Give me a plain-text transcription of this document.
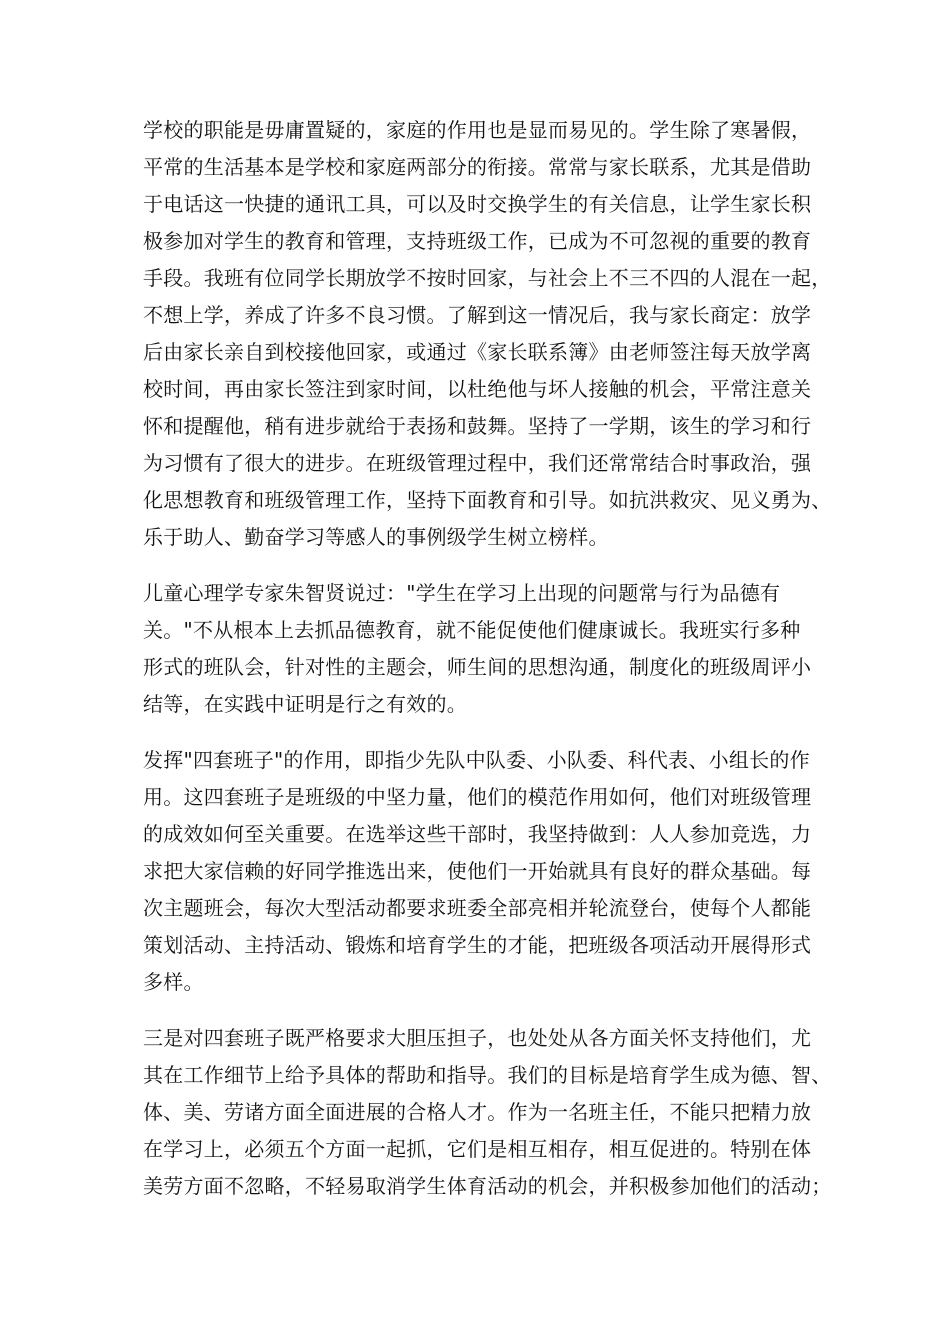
学校的职能是毋庸置疑的，家庭的作用也是显而易见的。学生除了寒暑假，
平常的生活基本是学校和家庭两部分的衔接。常常与家长联系，尤其是借助
于电话这一快捷的通讯工具，可以及时交换学生的有关信息，让学生家长积
极参加对学生的教育和管理，支持班级工作，已成为不可忽视的重要的教育
手段。我班有位同学长期放学不按时回家，与社会上不三不四的人混在一起，
不想上学，养成了许多不良习惯。了解到这一情况后，我与家长商定：放学
后由家长亲自到校接他回家，或通过《家长联系簿》由老师签注每天放学离
校时间，再由家长签注到家时间，以杜绝他与坏人接触的机会，平常注意关
怀和提醒他，稍有进步就给于表扬和鼓舞。坚持了一学期，该生的学习和行
为习惯有了很大的进步。在班级管理过程中，我们还常常结合时事政治，强
化思想教育和班级管理工作，坚持下面教育和引导。如抗洪救灾、见义勇为、
乐于助人、勤奋学习等感人的事例级学生树立榜样。
儿童心理学专家朱智贤说过："学生在学习上出现的问题常与行为品德有
关。"不从根本上去抓品德教育，就不能促使他们健康诚长。我班实行多种
形式的班队会，针对性的主题会，师生间的思想沟通，制度化的班级周评小
结等，在实践中证明是行之有效的。
发挥"四套班子"的作用，即指少先队中队委、小队委、科代表、小组长的作
用。这四套班子是班级的中坚力量，他们的模范作用如何，他们对班级管理
的成效如何至关重要。在选举这些干部时，我坚持做到：人人参加竞选，力
求把大家信赖的好同学推选出来，使他们一开始就具有良好的群众基础。每
次主题班会，每次大型活动都要求班委全部亮相并轮流登台，使每个人都能
策划活动、主持活动、锻炼和培育学生的才能，把班级各项活动开展得形式
多样。
三是对四套班子既严格要求大胆压担子，也处处从各方面关怀支持他们，尤
其在工作细节上给予具体的帮助和指导。我们的目标是培育学生成为德、智、
体、美、劳诸方面全面进展的合格人才。作为一名班主任，不能只把精力放
在学习上，必须五个方面一起抓，它们是相互相存，相互促进的。特别在体
美劳方面不忽略，不轻易取消学生体育活动的机会，并积极参加他们的活动；
